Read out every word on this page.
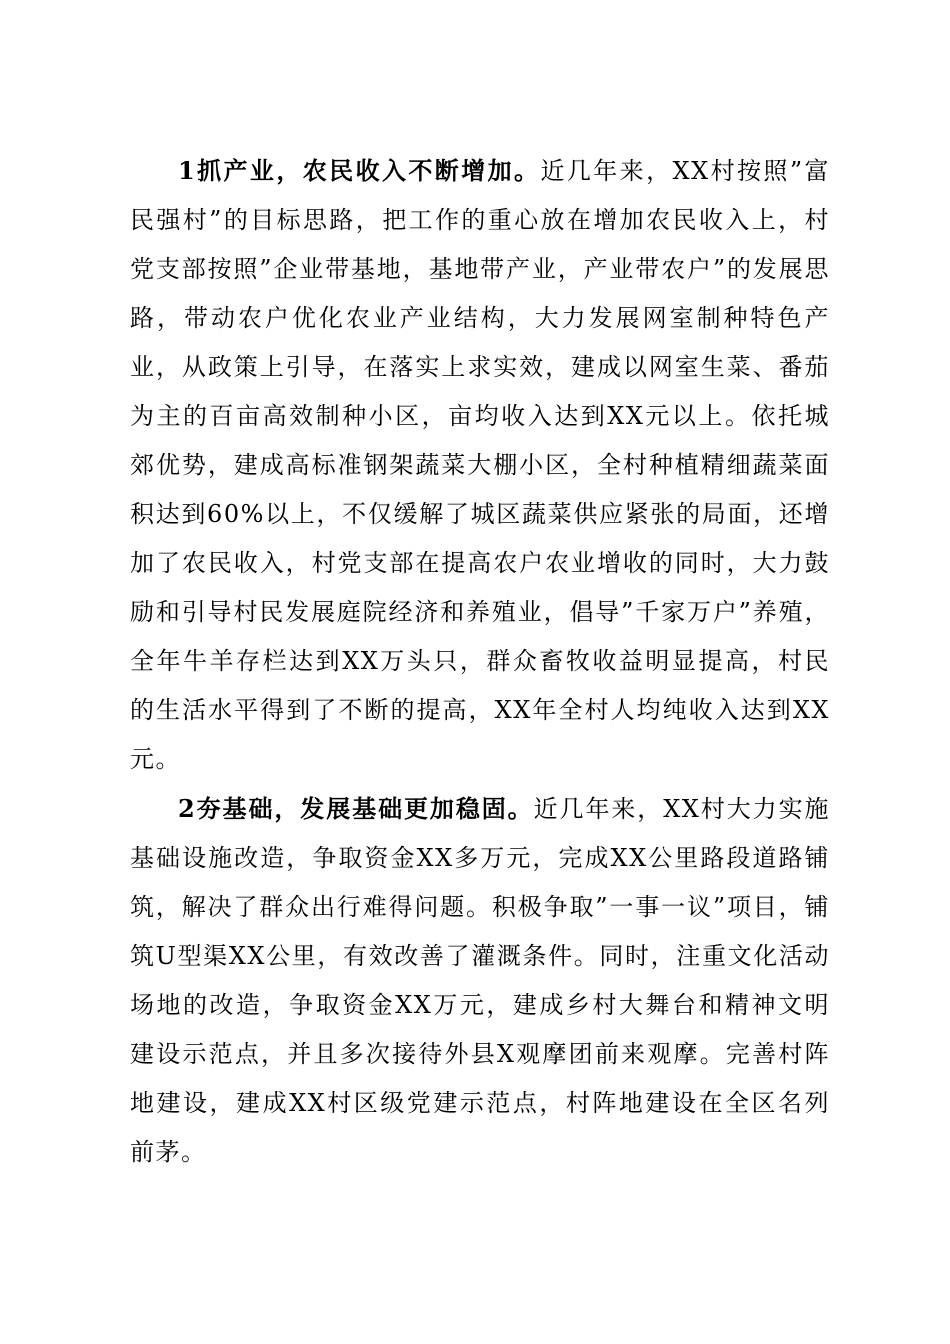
1抓产业，农民收入不断增加。近几年来，XX村按照”富民强村”的目标思路，把工作的重心放在增加农民收入上，村党支部按照”企业带基地，基地带产业，产业带农户”的发展思路，带动农户优化农业产业结构，大力发展网室制种特色产业，从政策上引导，在落实上求实效，建成以网室生菜、番茄为主的百亩高效制种小区，亩均收入达到XX元以上。依托城郊优势，建成高标准钢架蔬菜大棚小区，全村种植精细蔬菜面积达到60%以上，不仅缓解了城区蔬菜供应紧张的局面，还增加了农民收入，村党支部在提高农户农业增收的同时，大力鼓励和引导村民发展庭院经济和养殖业，倡导”千家万户”养殖，全年牛羊存栏达到XX万头只，群众畜牧收益明显提高，村民的生活水平得到了不断的提高，XX年全村人均纯收入达到XX元。

2夯基础，发展基础更加稳固。近几年来，XX村大力实施基础设施改造，争取资金XX多万元，完成XX公里路段道路铺筑，解决了群众出行难得问题。积极争取”一事一议”项目，铺筑U型渠XX公里，有效改善了灌溉条件。同时，注重文化活动场地的改造，争取资金XX万元，建成乡村大舞台和精神文明建设示范点，并且多次接待外县X观摩团前来观摩。完善村阵地建设，建成XX村区级党建示范点，村阵地建设在全区名列前茅。
